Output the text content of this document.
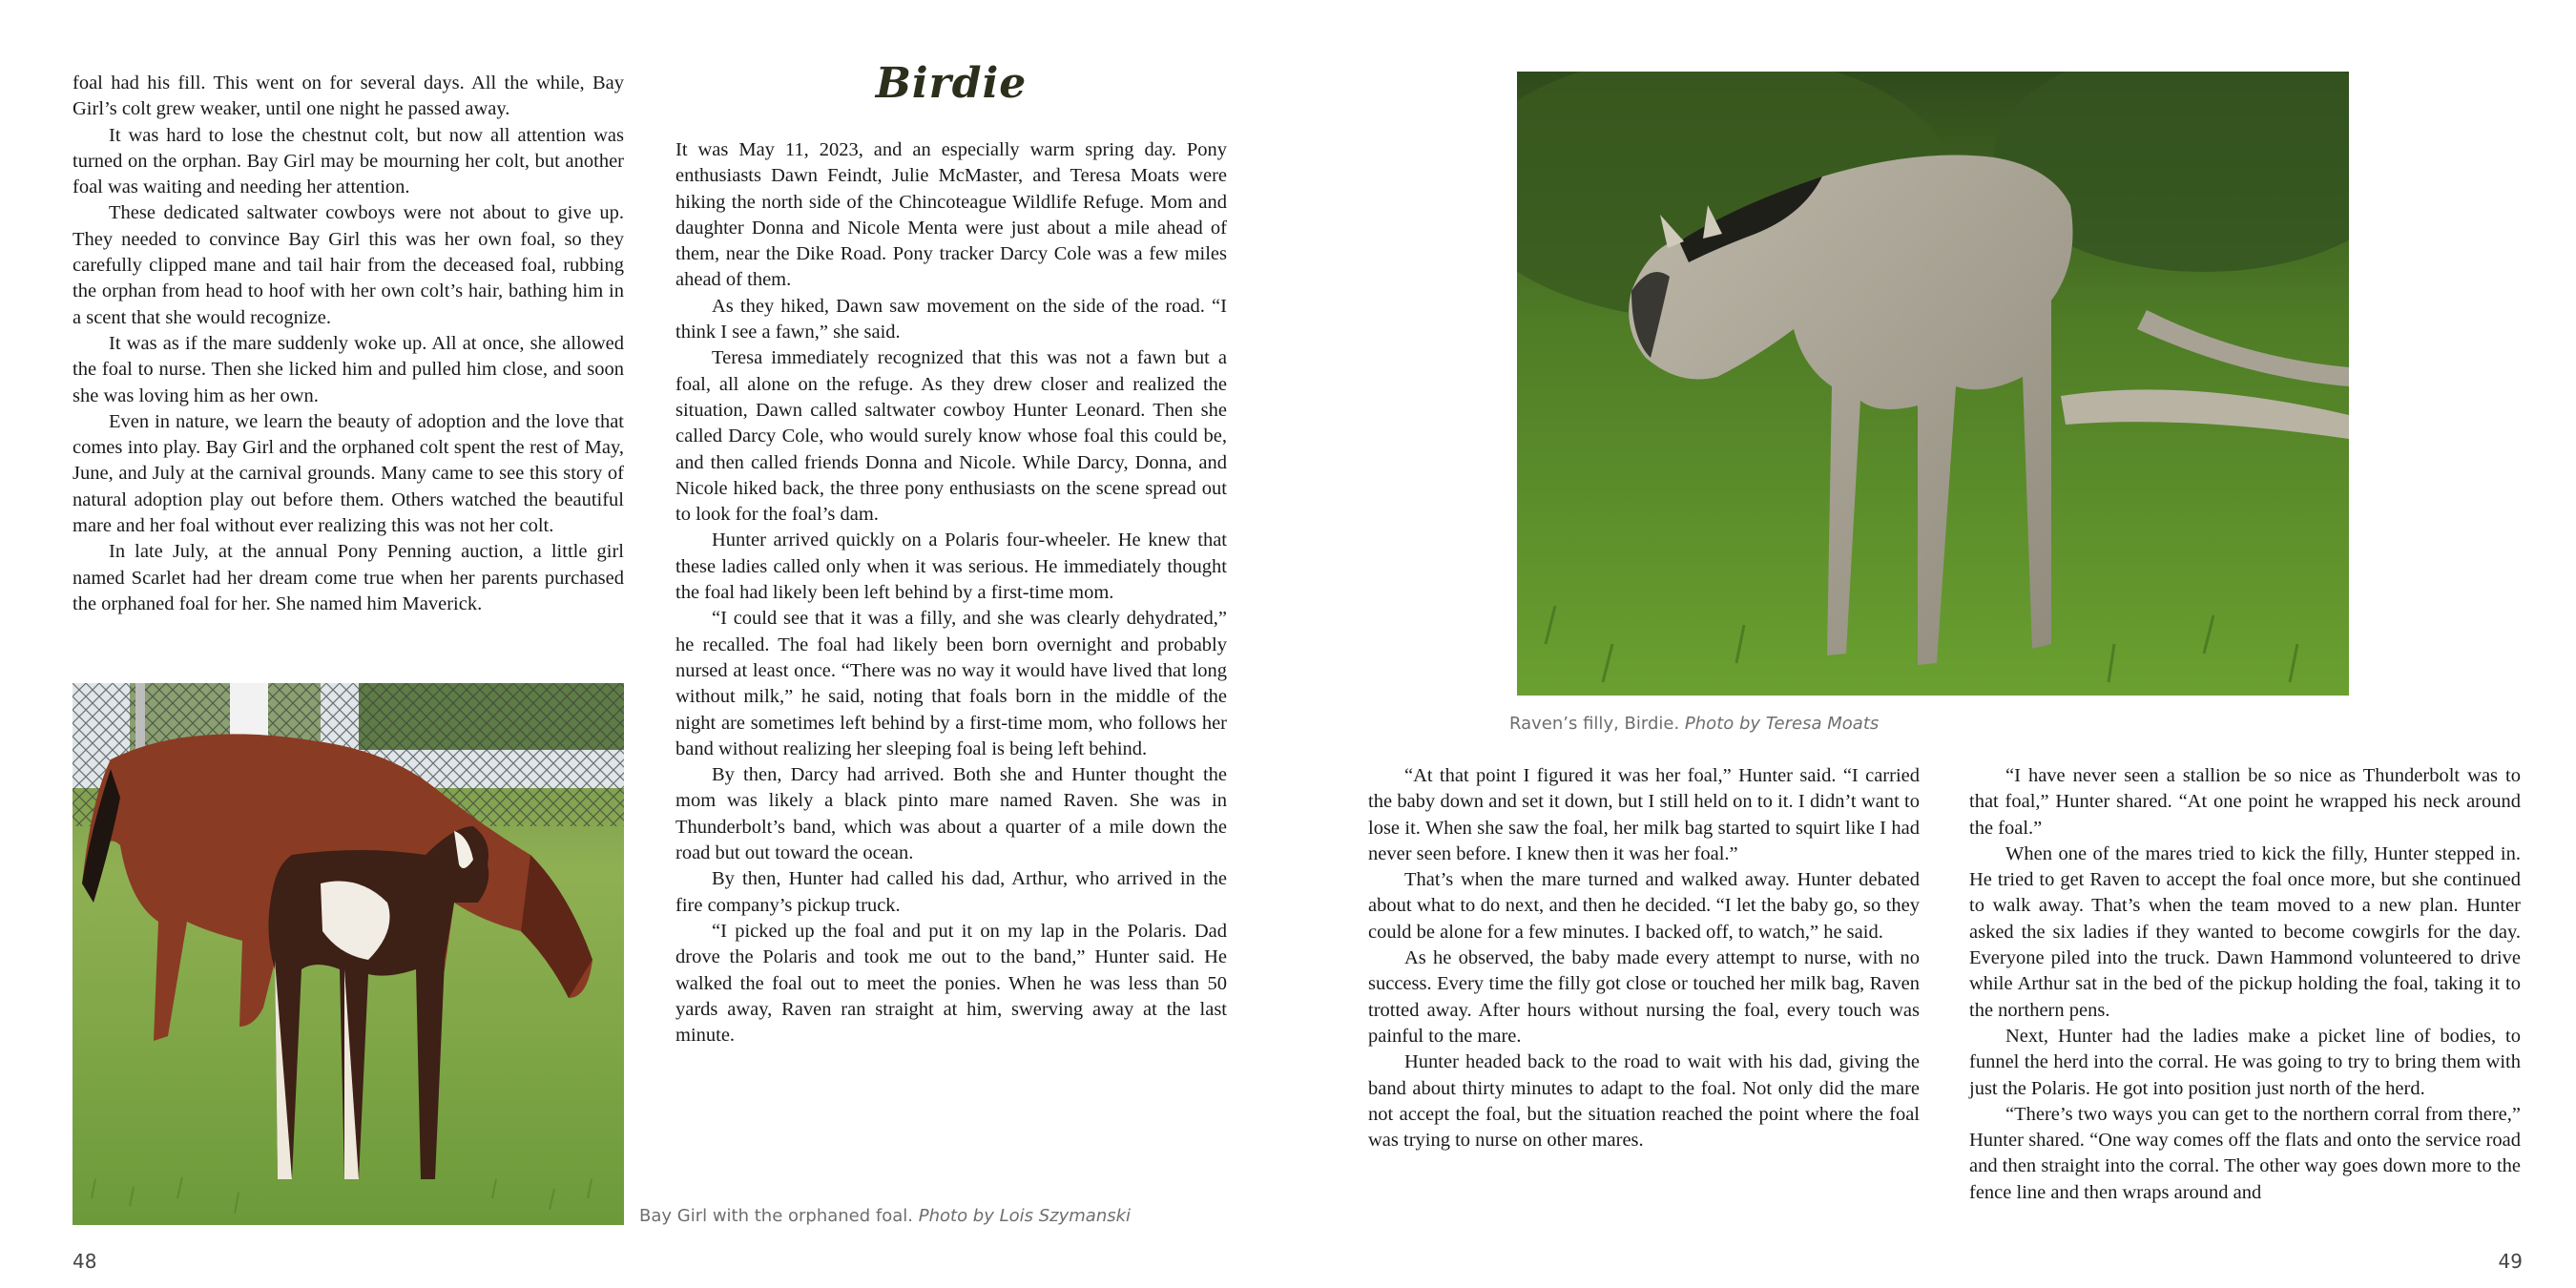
foal had his fill. This went on for several days. All the while, Bay Girl’s colt grew weaker, until one night he passed away.

It was hard to lose the chestnut colt, but now all attention was turned on the orphan. Bay Girl may be mourning her colt, but another foal was waiting and needing her attention.

These dedicated saltwater cowboys were not about to give up. They needed to convince Bay Girl this was her own foal, so they carefully clipped mane and tail hair from the deceased foal, rubbing the orphan from head to hoof with her own colt’s hair, bathing him in a scent that she would recognize.

It was as if the mare suddenly woke up. All at once, she allowed the foal to nurse. Then she licked him and pulled him close, and soon she was loving him as her own.

Even in nature, we learn the beauty of adoption and the love that comes into play. Bay Girl and the orphaned colt spent the rest of May, June, and July at the carnival grounds. Many came to see this story of natural adoption play out before them. Others watched the beautiful mare and her foal without ever realizing this was not her colt.

In late July, at the annual Pony Penning auction, a little girl named Scarlet had her dream come true when her parents purchased the orphaned foal for her. She named him Maverick.

Birdie

It was May 11, 2023, and an especially warm spring day. Pony enthusiasts Dawn Feindt, Julie McMaster, and Teresa Moats were hiking the north side of the Chincoteague Wildlife Refuge. Mom and daughter Donna and Nicole Menta were just about a mile ahead of them, near the Dike Road. Pony tracker Darcy Cole was a few miles ahead of them.

As they hiked, Dawn saw movement on the side of the road. “I think I see a fawn,” she said.

Teresa immediately recognized that this was not a fawn but a foal, all alone on the refuge. As they drew closer and realized the situation, Dawn called saltwater cowboy Hunter Leonard. Then she called Darcy Cole, who would surely know whose foal this could be, and then called friends Donna and Nicole. While Darcy, Donna, and Nicole hiked back, the three pony enthusiasts on the scene spread out to look for the foal’s dam.

Hunter arrived quickly on a Polaris four-wheeler. He knew that these ladies called only when it was serious. He immediately thought the foal had likely been left behind by a first-time mom.

“I could see that it was a filly, and she was clearly dehydrated,” he recalled. The foal had likely been born overnight and probably nursed at least once. “There was no way it would have lived that long without milk,” he said, noting that foals born in the middle of the night are sometimes left behind by a first-time mom, who follows her band without realizing her sleeping foal is being left behind.

By then, Darcy had arrived. Both she and Hunter thought the mom was likely a black pinto mare named Raven. She was in Thunderbolt’s band, which was about a quarter of a mile down the road but out toward the ocean.

By then, Hunter had called his dad, Arthur, who arrived in the fire company’s pickup truck.

“I picked up the foal and put it on my lap in the Polaris. Dad drove the Polaris and took me out to the band,” Hunter said. He walked the foal out to meet the ponies. When he was less than 50 yards away, Raven ran straight at him, swerving away at the last minute.

Bay Girl with the orphaned foal. Photo by Lois Szymanski
48
Raven’s filly, Birdie. Photo by Teresa Moats

“At that point I figured it was her foal,” Hunter said. “I carried the baby down and set it down, but I still held on to it. I didn’t want to lose it. When she saw the foal, her milk bag started to squirt like I had never seen before. I knew then it was her foal.”

That’s when the mare turned and walked away. Hunter debated about what to do next, and then he decided. “I let the baby go, so they could be alone for a few minutes. I backed off, to watch,” he said.

As he observed, the baby made every attempt to nurse, with no success. Every time the filly got close or touched her milk bag, Raven trotted away. After hours without nursing the foal, every touch was painful to the mare.

Hunter headed back to the road to wait with his dad, giving the band about thirty minutes to adapt to the foal. Not only did the mare not accept the foal, but the situation reached the point where the foal was trying to nurse on other mares.

“I have never seen a stallion be so nice as Thunderbolt was to that foal,” Hunter shared. “At one point he wrapped his neck around the foal.”

When one of the mares tried to kick the filly, Hunter stepped in. He tried to get Raven to accept the foal once more, but she continued to walk away. That’s when the team moved to a new plan. Hunter asked the six ladies if they wanted to become cowgirls for the day. Everyone piled into the truck. Dawn Hammond volunteered to drive while Arthur sat in the bed of the pickup holding the foal, taking it to the northern pens.

Next, Hunter had the ladies make a picket line of bodies, to funnel the herd into the corral. He was going to try to bring them with just the Polaris. He got into position just north of the herd.

“There’s two ways you can get to the northern corral from there,” Hunter shared. “One way comes off the flats and onto the service road and then straight into the corral. The other way goes down more to the fence line and then wraps around and

49
